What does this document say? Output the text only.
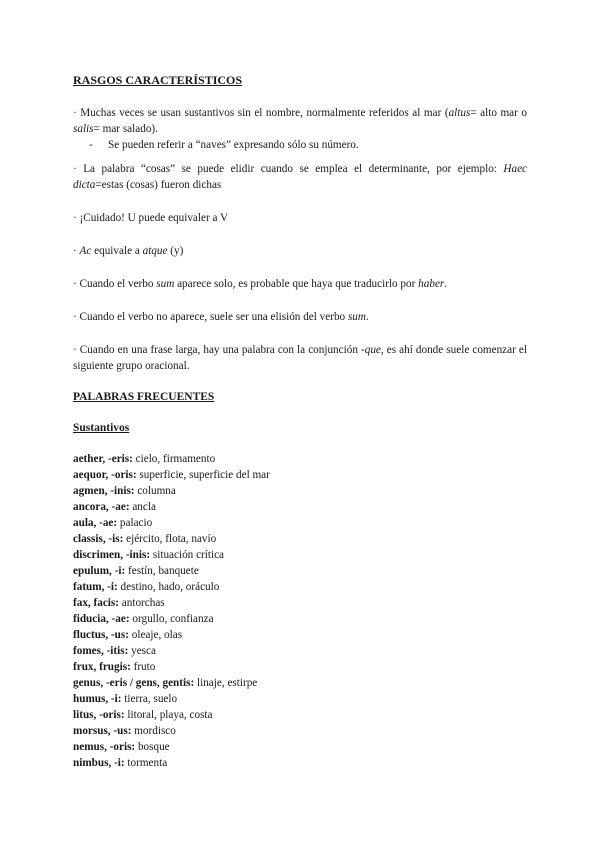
RASGOS CARACTERÍSTICOS

· Muchas veces se usan sustantivos sin el nombre, normalmente referidos al mar (altus= alto mar o salis= mar salado).

- Se pueden referir a “naves” expresando sólo su número.

· La palabra “cosas” se puede elidir cuando se emplea el determinante, por ejemplo: Haec dicta=estas (cosas) fueron dichas

· ¡Cuidado! U puede equivaler a V

· Ac equivale a atque (y)

· Cuando el verbo sum aparece solo, es probable que haya que traducirlo por haber.

· Cuando el verbo no aparece, suele ser una elisión del verbo sum.

· Cuando en una frase larga, hay una palabra con la conjunción -que, es ahí donde suele comenzar el siguiente grupo oracional.

PALABRAS FRECUENTES

Sustantivos

aether, -eris: cielo, firmamento
aequor, -oris: superficie, superficie del mar
agmen, -inis: columna
ancora, -ae: ancla
aula, -ae: palacio
classis, -is: ejército, flota, navío
discrimen, -inis: situación crítica
epulum, -i: festín, banquete
fatum, -i: destino, hado, oráculo
fax, facis: antorchas
fiducia, -ae: orgullo, confianza
fluctus, -us: oleaje, olas
fomes, -itis: yesca
frux, frugis: fruto
genus, -eris / gens, gentis: linaje, estirpe
humus, -i: tierra, suelo
litus, -oris: litoral, playa, costa
morsus, -us: mordisco
nemus, -oris: bosque
nimbus, -i: tormenta
